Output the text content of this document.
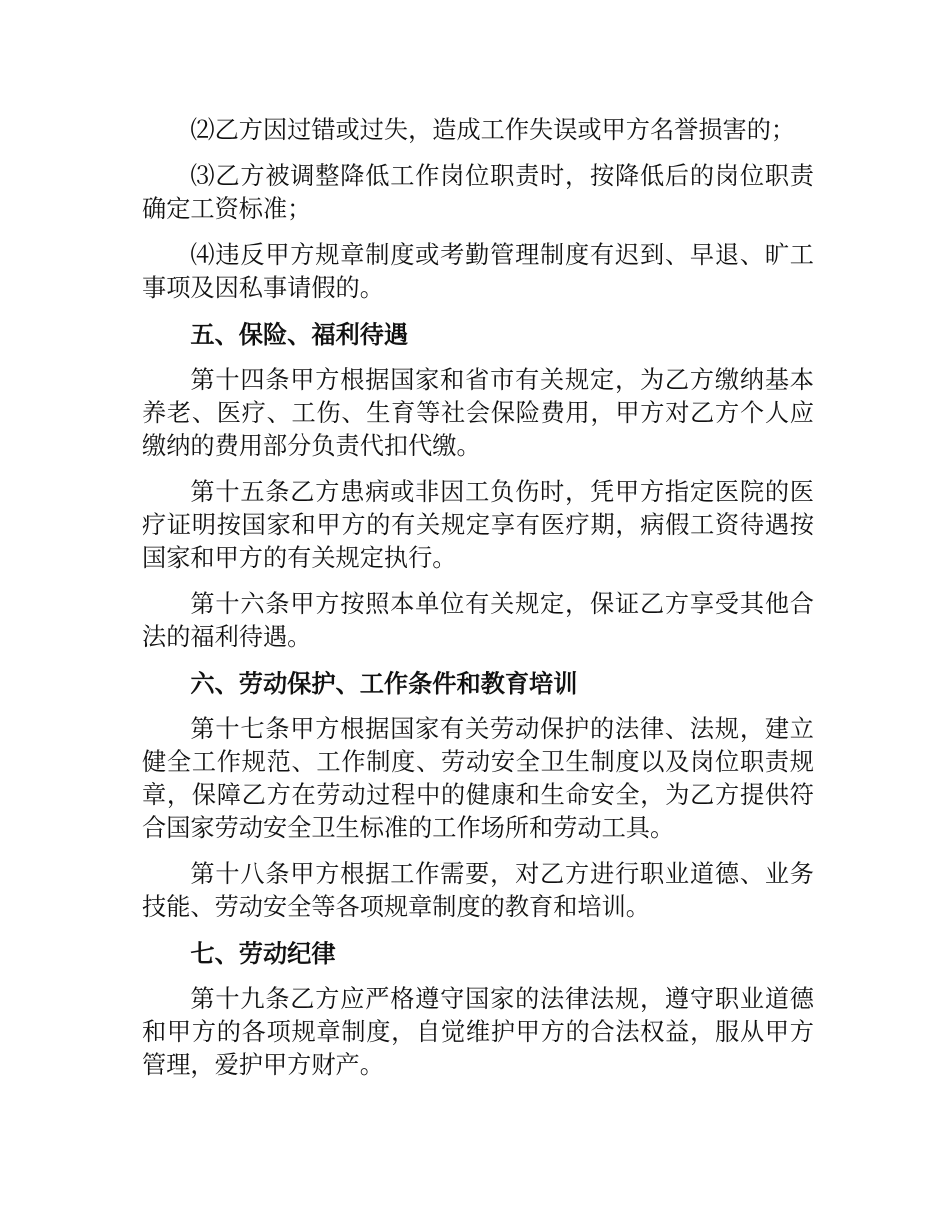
⑵乙方因过错或过失，造成工作失误或甲方名誉损害的；

⑶乙方被调整降低工作岗位职责时，按降低后的岗位职责确定工资标准；

⑷违反甲方规章制度或考勤管理制度有迟到、早退、旷工事项及因私事请假的。

五、保险、福利待遇

第十四条甲方根据国家和省市有关规定，为乙方缴纳基本养老、医疗、工伤、生育等社会保险费用，甲方对乙方个人应缴纳的费用部分负责代扣代缴。

第十五条乙方患病或非因工负伤时，凭甲方指定医院的医疗证明按国家和甲方的有关规定享有医疗期，病假工资待遇按国家和甲方的有关规定执行。

第十六条甲方按照本单位有关规定，保证乙方享受其他合法的福利待遇。

六、劳动保护、工作条件和教育培训

第十七条甲方根据国家有关劳动保护的法律、法规，建立健全工作规范、工作制度、劳动安全卫生制度以及岗位职责规章，保障乙方在劳动过程中的健康和生命安全，为乙方提供符合国家劳动安全卫生标准的工作场所和劳动工具。

第十八条甲方根据工作需要，对乙方进行职业道德、业务技能、劳动安全等各项规章制度的教育和培训。

七、劳动纪律

第十九条乙方应严格遵守国家的法律法规，遵守职业道德和甲方的各项规章制度，自觉维护甲方的合法权益，服从甲方管理，爱护甲方财产。
